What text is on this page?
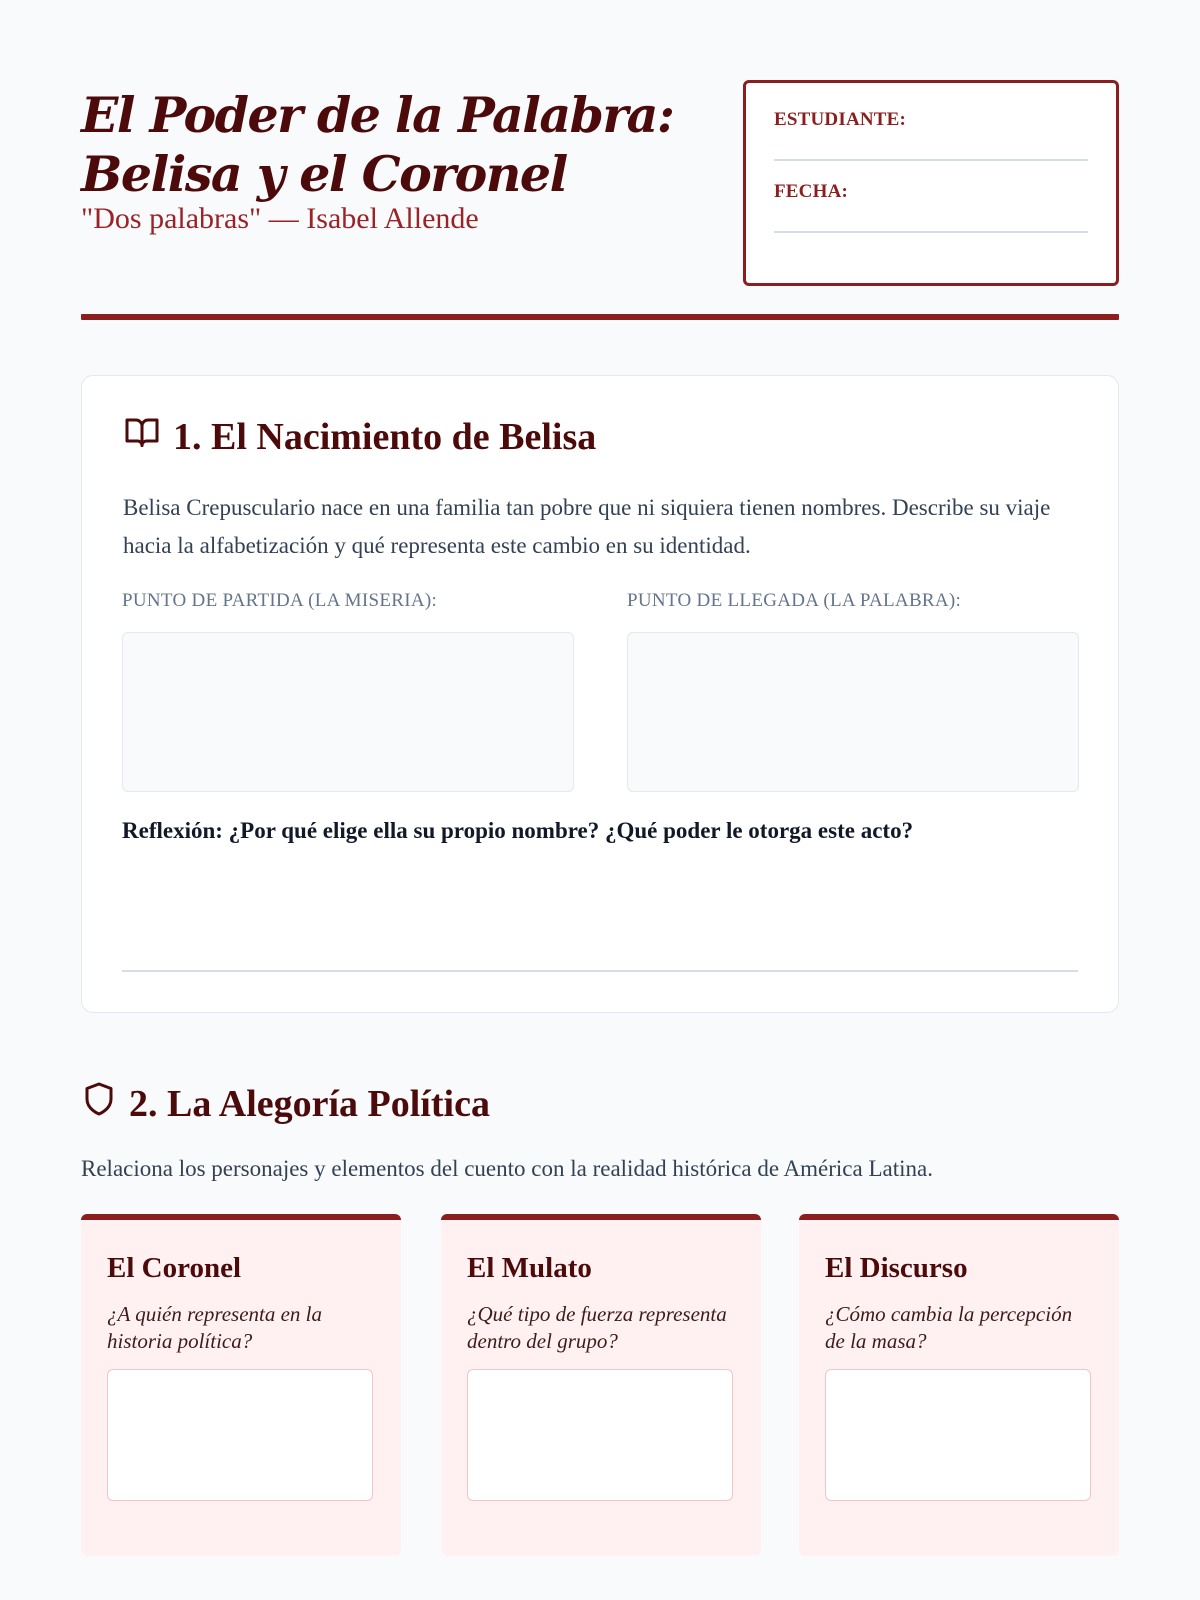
El Poder de la Palabra:
Belisa y el Coronel
"Dos palabras" — Isabel Allende
ESTUDIANTE:
FECHA:
1. El Nacimiento de Belisa

Belisa Crepusculario nace en una familia tan pobre que ni siquiera tienen nombres. Describe su viaje hacia la alfabetización y qué representa este cambio en su identidad.

PUNTO DE PARTIDA (LA MISERIA):	PUNTO DE LLEGADA (LA PALABRA):
Reflexión: ¿Por qué elige ella su propio nombre? ¿Qué poder le otorga este acto?
2. La Alegoría Política

Relaciona los personajes y elementos del cuento con la realidad histórica de América Latina.

El Coronel

¿A quién representa en la historia política?

El Mulato

¿Qué tipo de fuerza representa dentro del grupo?

El Discurso

¿Cómo cambia la percepción de la masa?
